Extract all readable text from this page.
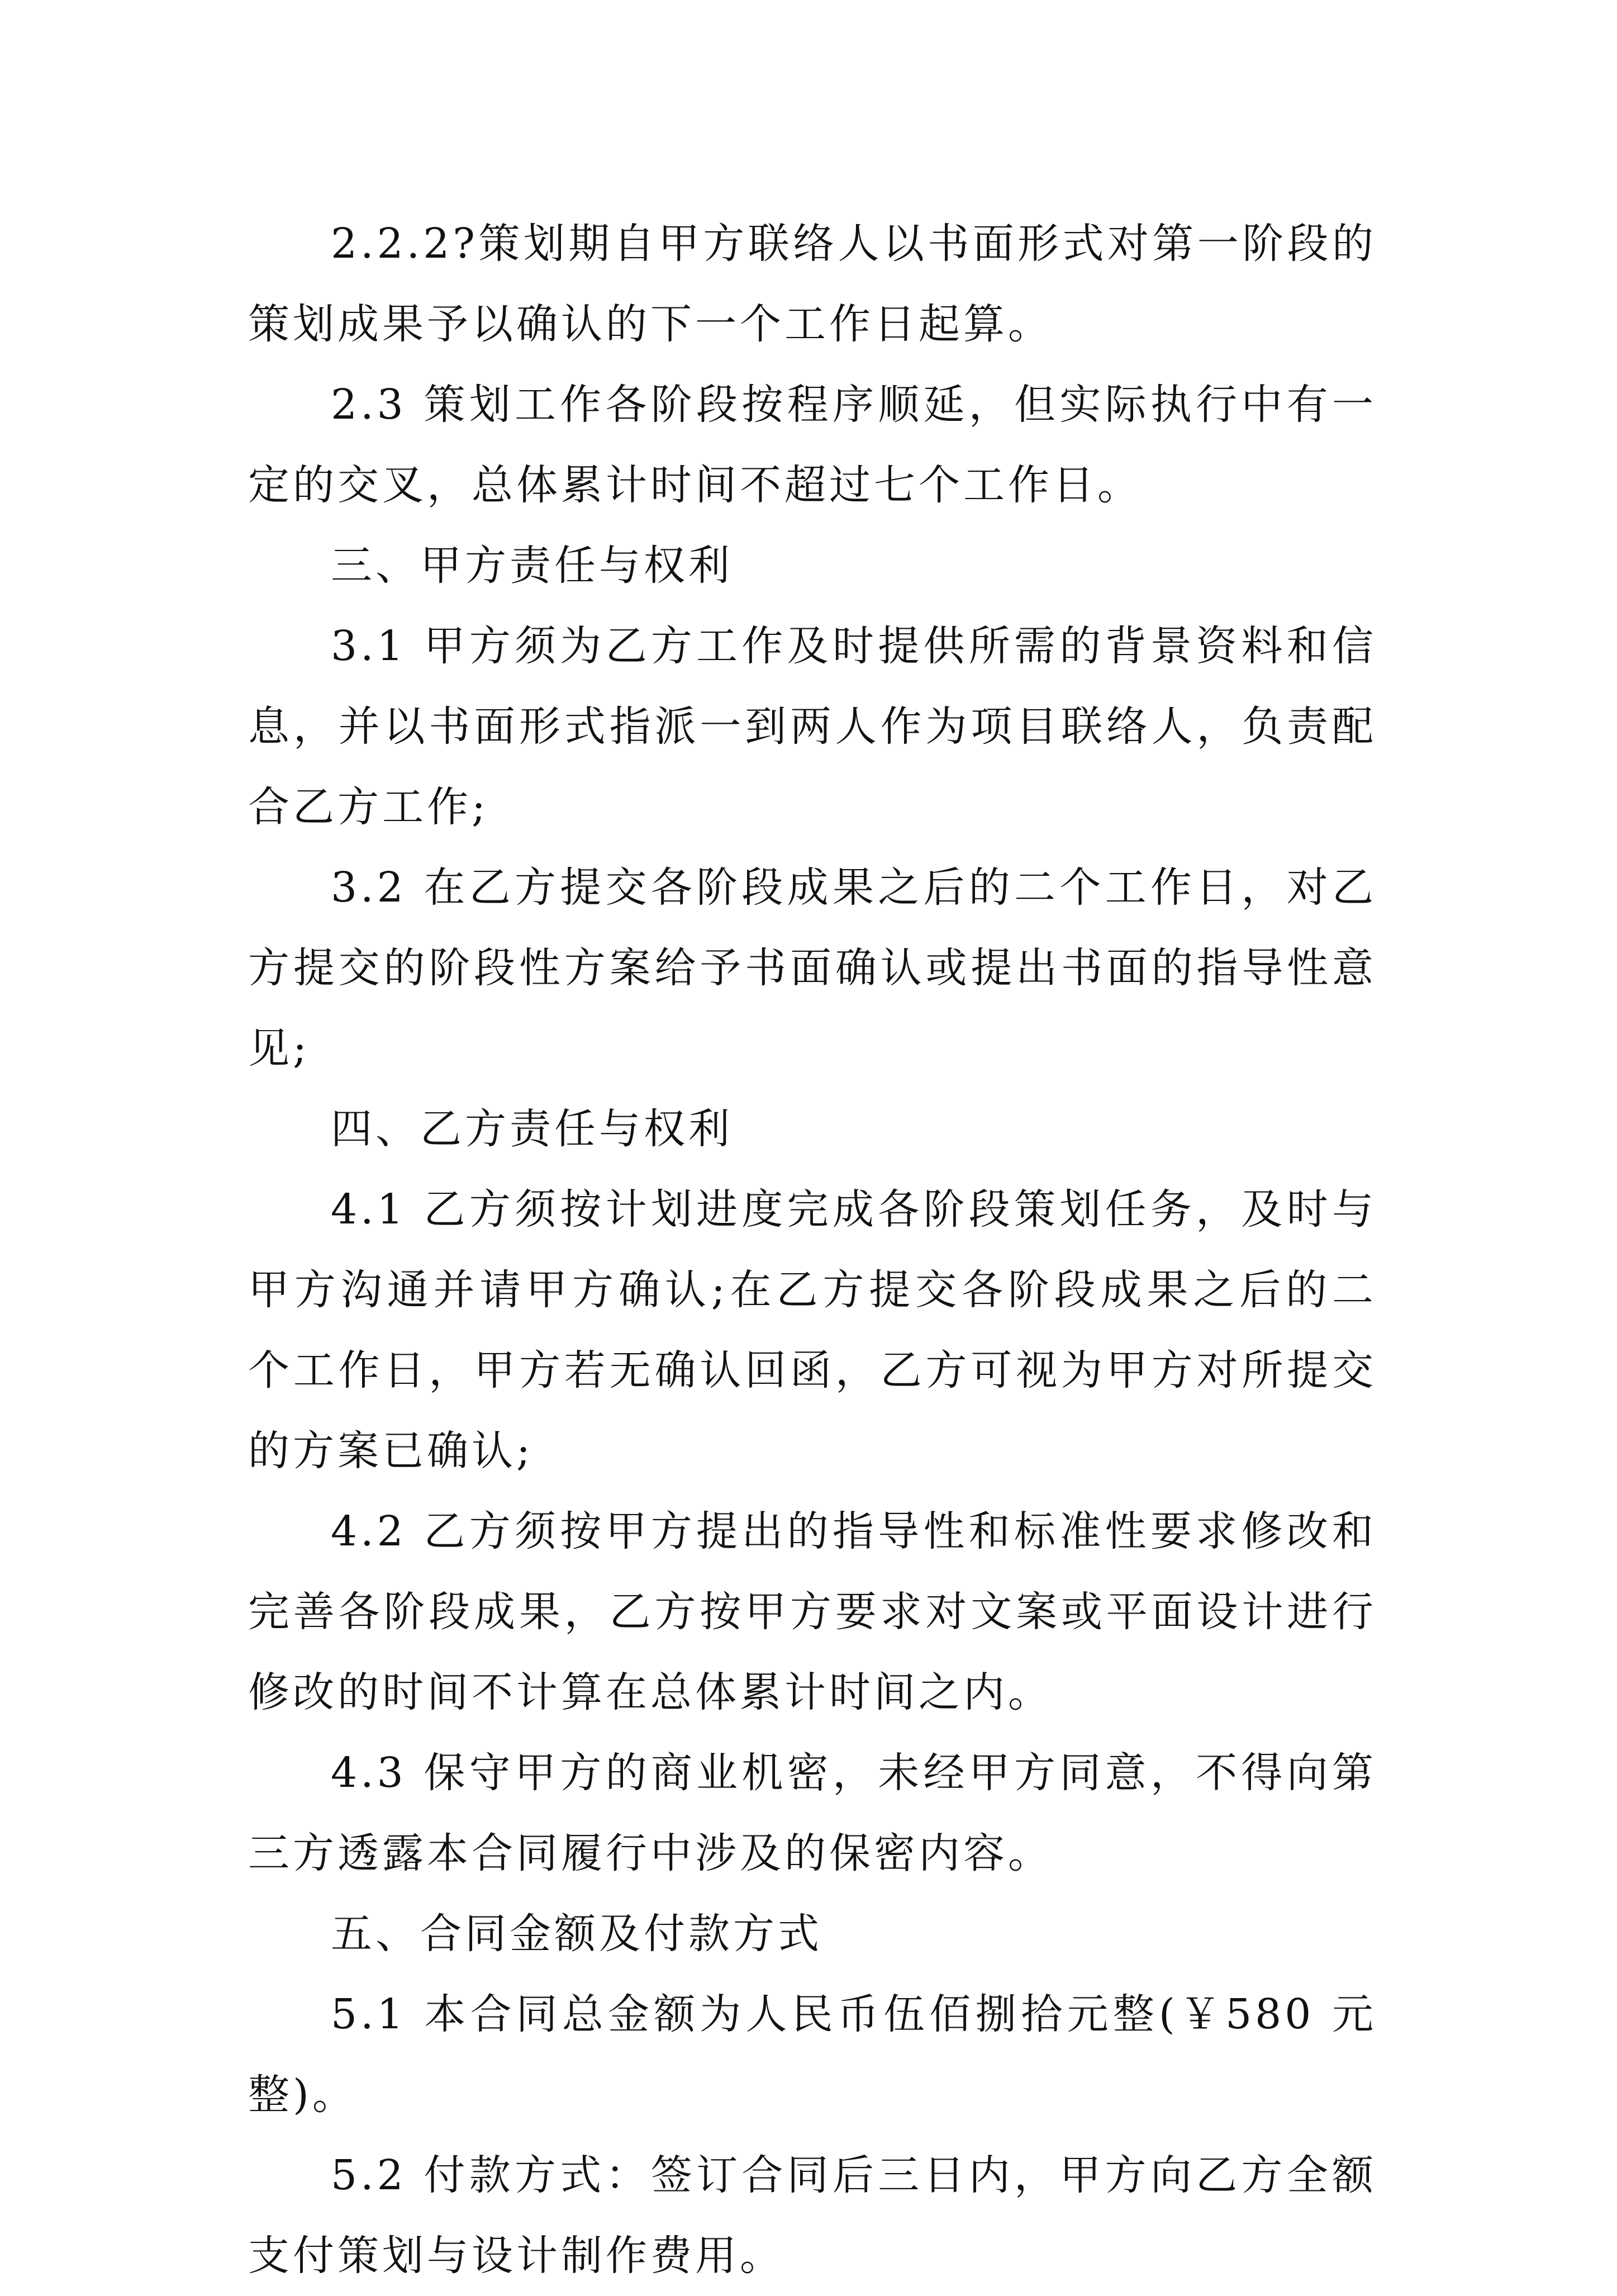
2.2.2?策划期自甲方联络人以书面形式对第一阶段的策划成果予以确认的下一个工作日起算。

2.3 策划工作各阶段按程序顺延，但实际执行中有一定的交叉，总体累计时间不超过七个工作日。

三、甲方责任与权利

3.1 甲方须为乙方工作及时提供所需的背景资料和信息，并以书面形式指派一到两人作为项目联络人，负责配合乙方工作;

3.2 在乙方提交各阶段成果之后的二个工作日，对乙方提交的阶段性方案给予书面确认或提出书面的指导性意见;

四、乙方责任与权利

4.1 乙方须按计划进度完成各阶段策划任务，及时与甲方沟通并请甲方确认;在乙方提交各阶段成果之后的二个工作日，甲方若无确认回函，乙方可视为甲方对所提交的方案已确认;

4.2 乙方须按甲方提出的指导性和标准性要求修改和完善各阶段成果，乙方按甲方要求对文案或平面设计进行修改的时间不计算在总体累计时间之内。

4.3 保守甲方的商业机密，未经甲方同意，不得向第三方透露本合同履行中涉及的保密内容。

五、合同金额及付款方式

5.1 本合同总金额为人民币伍佰捌拾元整(￥580 元整)。

5.2 付款方式：签订合同后三日内，甲方向乙方全额支付策划与设计制作费用。
